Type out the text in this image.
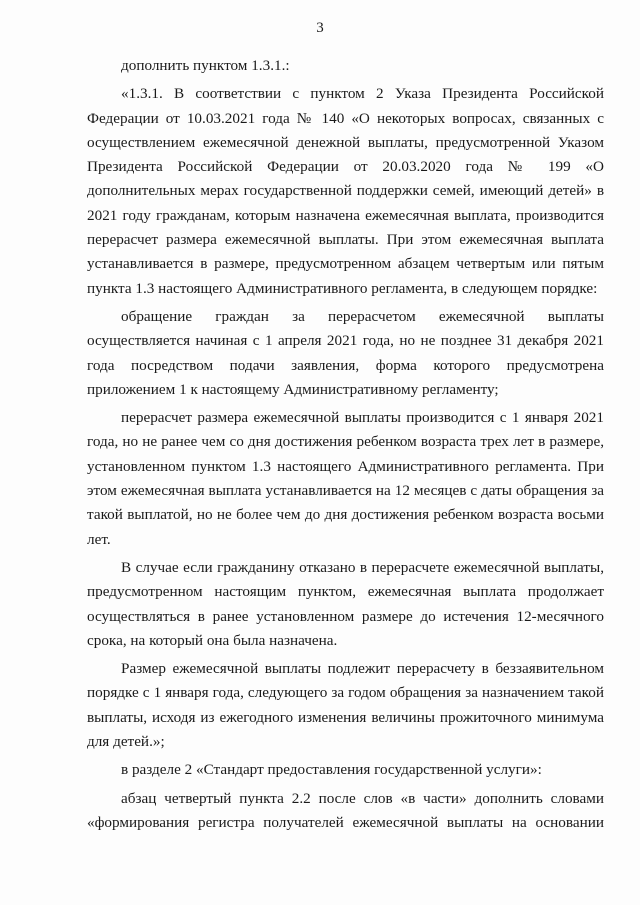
3

дополнить пунктом 1.3.1.:

«1.3.1. В соответствии с пунктом 2 Указа Президента Российской Федерации от 10.03.2021 года № 140 «О некоторых вопросах, связанных с осуществлением ежемесячной денежной выплаты, предусмотренной Указом Президента Российской Федерации от 20.03.2020 года № 199 «О дополнительных мерах государственной поддержки семей, имеющий детей» в 2021 году гражданам, которым назначена ежемесячная выплата, производится перерасчет размера ежемесячной выплаты. При этом ежемесячная выплата устанавливается в размере, предусмотренном абзацем четвертым или пятым пункта 1.3 настоящего Административного регламента, в следующем порядке:

обращение граждан за перерасчетом ежемесячной выплаты осуществляется начиная с 1 апреля 2021 года, но не позднее 31 декабря 2021 года посредством подачи заявления, форма которого предусмотрена приложением 1 к настоящему Административному регламенту;

перерасчет размера ежемесячной выплаты производится с 1 января 2021 года, но не ранее чем со дня достижения ребенком возраста трех лет в размере, установленном пунктом 1.3 настоящего Административного регламента. При этом ежемесячная выплата устанавливается на 12 месяцев с даты обращения за такой выплатой, но не более чем до дня достижения ребенком возраста восьми лет.

В случае если гражданину отказано в перерасчете ежемесячной выплаты, предусмотренном настоящим пунктом, ежемесячная выплата продолжает осуществляться в ранее установленном размере до истечения 12-месячного срока, на который она была назначена.

Размер ежемесячной выплаты подлежит перерасчету в беззаявительном порядке с 1 января года, следующего за годом обращения за назначением такой выплаты, исходя из ежегодного изменения величины прожиточного минимума для детей.»;

в разделе 2 «Стандарт предоставления государственной услуги»:

абзац четвертый пункта 2.2 после слов «в части» дополнить словами «формирования регистра получателей ежемесячной выплаты на основании
